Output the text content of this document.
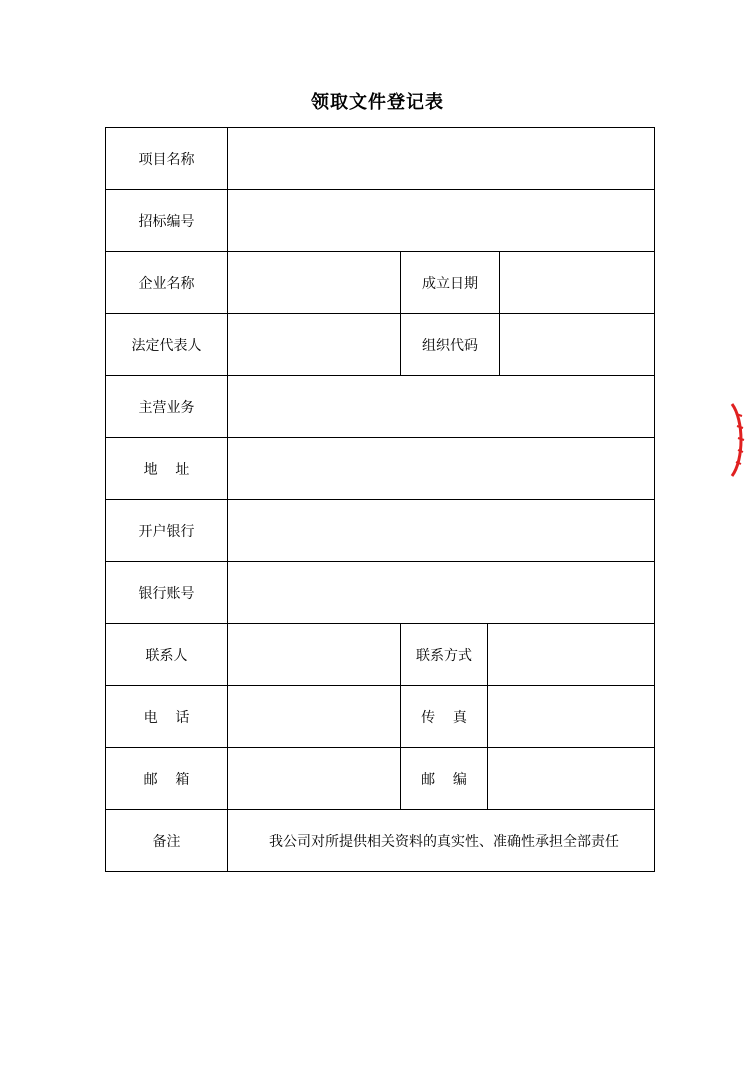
领取文件登记表
项目名称				
招标编号				
企业名称		成立日期		
法定代表人		组织代码		
主营业务				
地    址				
开户银行				
银行账号				
联系人		联系方式		
电    话		传    真		
邮    箱		邮    编		
备注	我公司对所提供相关资料的真实性、准确性承担全部责任			
